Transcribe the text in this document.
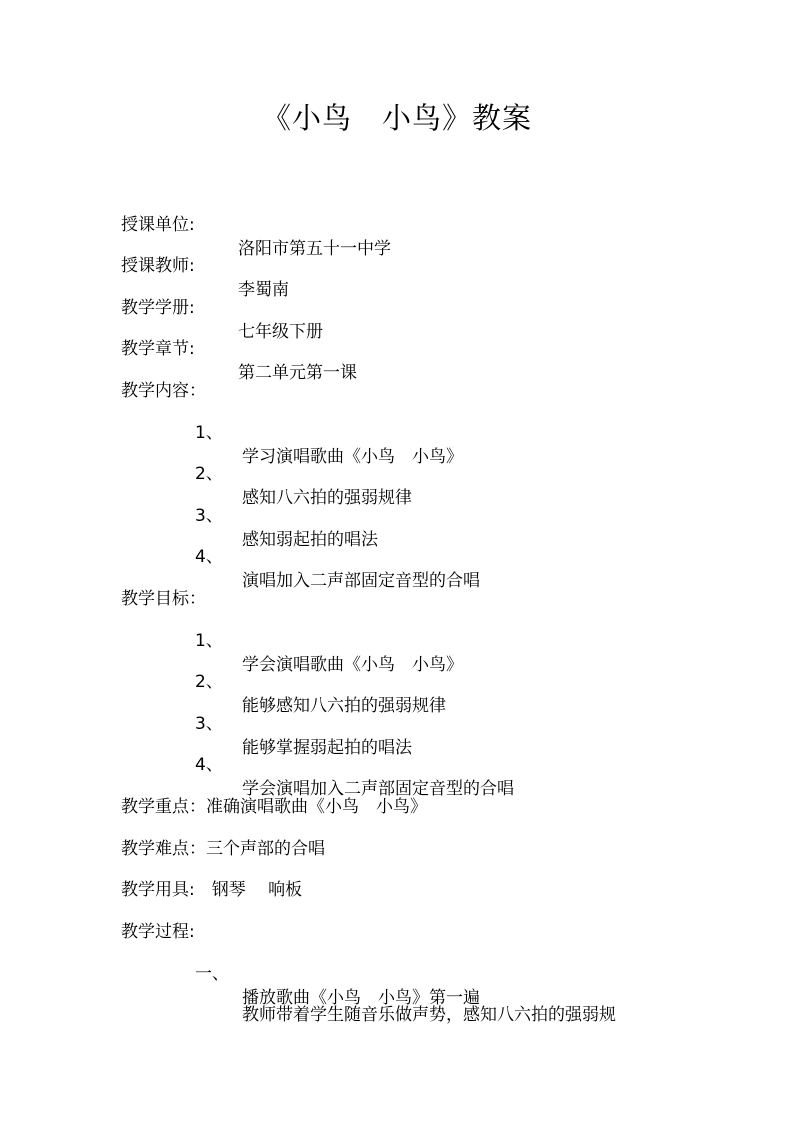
《小鸟　小鸟》教案

授课单位:

洛阳市第五十一中学

授课教师:

李蜀南

教学学册:

七年级下册

教学章节:

第二单元第一课

教学内容：

1、

学习演唱歌曲《小鸟　小鸟》

2、

感知八六拍的强弱规律

3、

感知弱起拍的唱法

4、

演唱加入二声部固定音型的合唱

教学目标：

1、

学会演唱歌曲《小鸟　小鸟》

2、

能够感知八六拍的强弱规律

3、

能够掌握弱起拍的唱法

4、

学会演唱加入二声部固定音型的合唱

教学重点：准确演唱歌曲《小鸟　小鸟》

教学难点：三个声部的合唱

教学用具:　钢琴　 响板

教学过程:

一、

播放歌曲《小鸟　小鸟》第一遍

教师带着学生随音乐做声势，感知八六拍的强弱规
